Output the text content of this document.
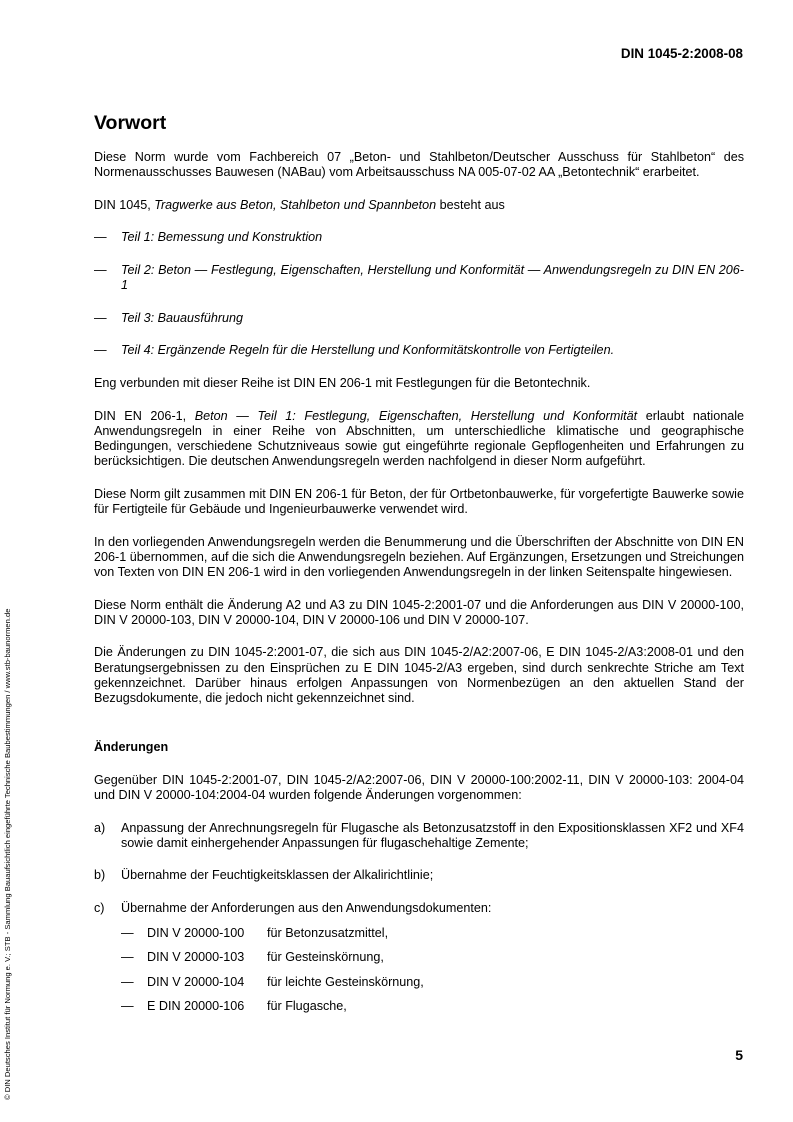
DIN 1045-2:2008-08
Vorwort

Diese Norm wurde vom Fachbereich 07 „Beton- und Stahlbeton/Deutscher Ausschuss für Stahlbeton“ des Normenausschusses Bauwesen (NABau) vom Arbeitsausschuss NA 005-07-02 AA „Betontechnik“ erarbeitet.

DIN 1045, Tragwerke aus Beton, Stahlbeton und Spannbeton besteht aus

—	Teil 1: Bemessung und Konstruktion
—	Teil 2: Beton — Festlegung, Eigenschaften, Herstellung und Konformität — Anwendungsregeln zu DIN EN 206-1
—	Teil 3: Bauausführung
—	Teil 4: Ergänzende Regeln für die Herstellung und Konformitätskontrolle von Fertigteilen.

Eng verbunden mit dieser Reihe ist DIN EN 206-1 mit Festlegungen für die Betontechnik.

DIN EN 206-1, Beton — Teil 1: Festlegung, Eigenschaften, Herstellung und Konformität erlaubt nationale Anwendungsregeln in einer Reihe von Abschnitten, um unterschiedliche klimatische und geographische Bedingungen, verschiedene Schutzniveaus sowie gut eingeführte regionale Gepflogenheiten und Erfahrungen zu berücksichtigen. Die deutschen Anwendungsregeln werden nachfolgend in dieser Norm aufgeführt.

Diese Norm gilt zusammen mit DIN EN 206-1 für Beton, der für Ortbetonbauwerke, für vorgefertigte Bauwerke sowie für Fertigteile für Gebäude und Ingenieurbauwerke verwendet wird.

In den vorliegenden Anwendungsregeln werden die Benummerung und die Überschriften der Abschnitte von DIN EN 206-1 übernommen, auf die sich die Anwendungsregeln beziehen. Auf Ergänzungen, Ersetzungen und Streichungen von Texten von DIN EN 206-1 wird in den vorliegenden Anwendungsregeln in der linken Seitenspalte hingewiesen.

Diese Norm enthält die Änderung A2 und A3 zu DIN 1045-2:2001-07 und die Anforderungen aus DIN V 20000-100, DIN V 20000-103, DIN V 20000-104, DIN V 20000-106 und DIN V 20000-107.

Die Änderungen zu DIN 1045-2:2001-07, die sich aus DIN 1045-2/A2:2007-06, E DIN 1045-2/A3:2008-01 und den Beratungsergebnissen zu den Einsprüchen zu E DIN 1045-2/A3 ergeben, sind durch senkrechte Striche am Text gekennzeichnet. Darüber hinaus erfolgen Anpassungen von Normenbezügen an den aktuellen Stand der Bezugsdokumente, die jedoch nicht gekennzeichnet sind.

Änderungen

Gegenüber DIN 1045-2:2001-07, DIN 1045-2/A2:2007-06, DIN V 20000-100:2002-11, DIN V 20000-103: 2004-04 und DIN V 20000-104:2004-04 wurden folgende Änderungen vorgenommen:

a)	Anpassung der Anrechnungsregeln für Flugasche als Betonzusatzstoff in den Expositionsklassen XF2 und XF4 sowie damit einhergehender Anpassungen für flugaschehaltige Zemente;
b)	Übernahme der Feuchtigkeitsklassen der Alkalirichtlinie;
c)	Übernahme der Anforderungen aus den Anwendungsdokumenten:
—	DIN V 20000-100	für Betonzusatzmittel,
—	DIN V 20000-103	für Gesteinskörnung,
—	DIN V 20000-104	für leichte Gesteinskörnung,
—	E DIN 20000-106	für Flugasche,
5
© DIN Deutsches Institut für Normung e. V.; STB - Sammlung Bauaufsichtlich eingeführte Technische Baubestimmungen / www.stb-baunormen.de
